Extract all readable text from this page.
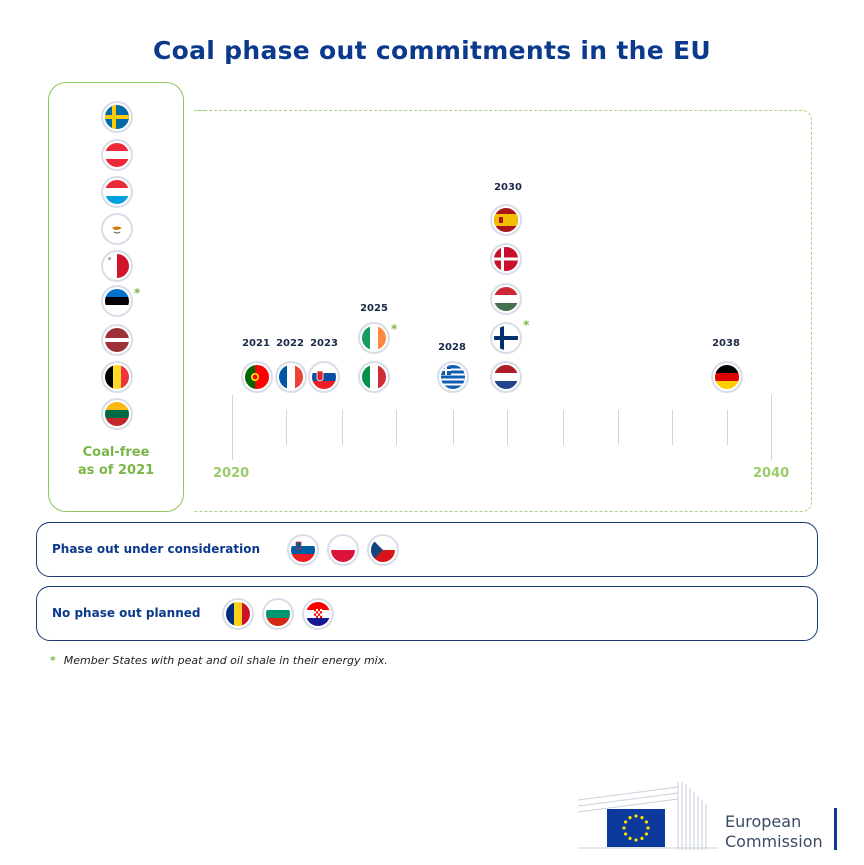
Coal phase out commitments in the EU
Coal-free
as of 2021	2020	2040
2021 2022 2023
2025
2028
2030
2038
*
*	*
Phase out under consideration
No phase out planned
* Member States with peat and oil shale in their energy mix.
European
Commission
